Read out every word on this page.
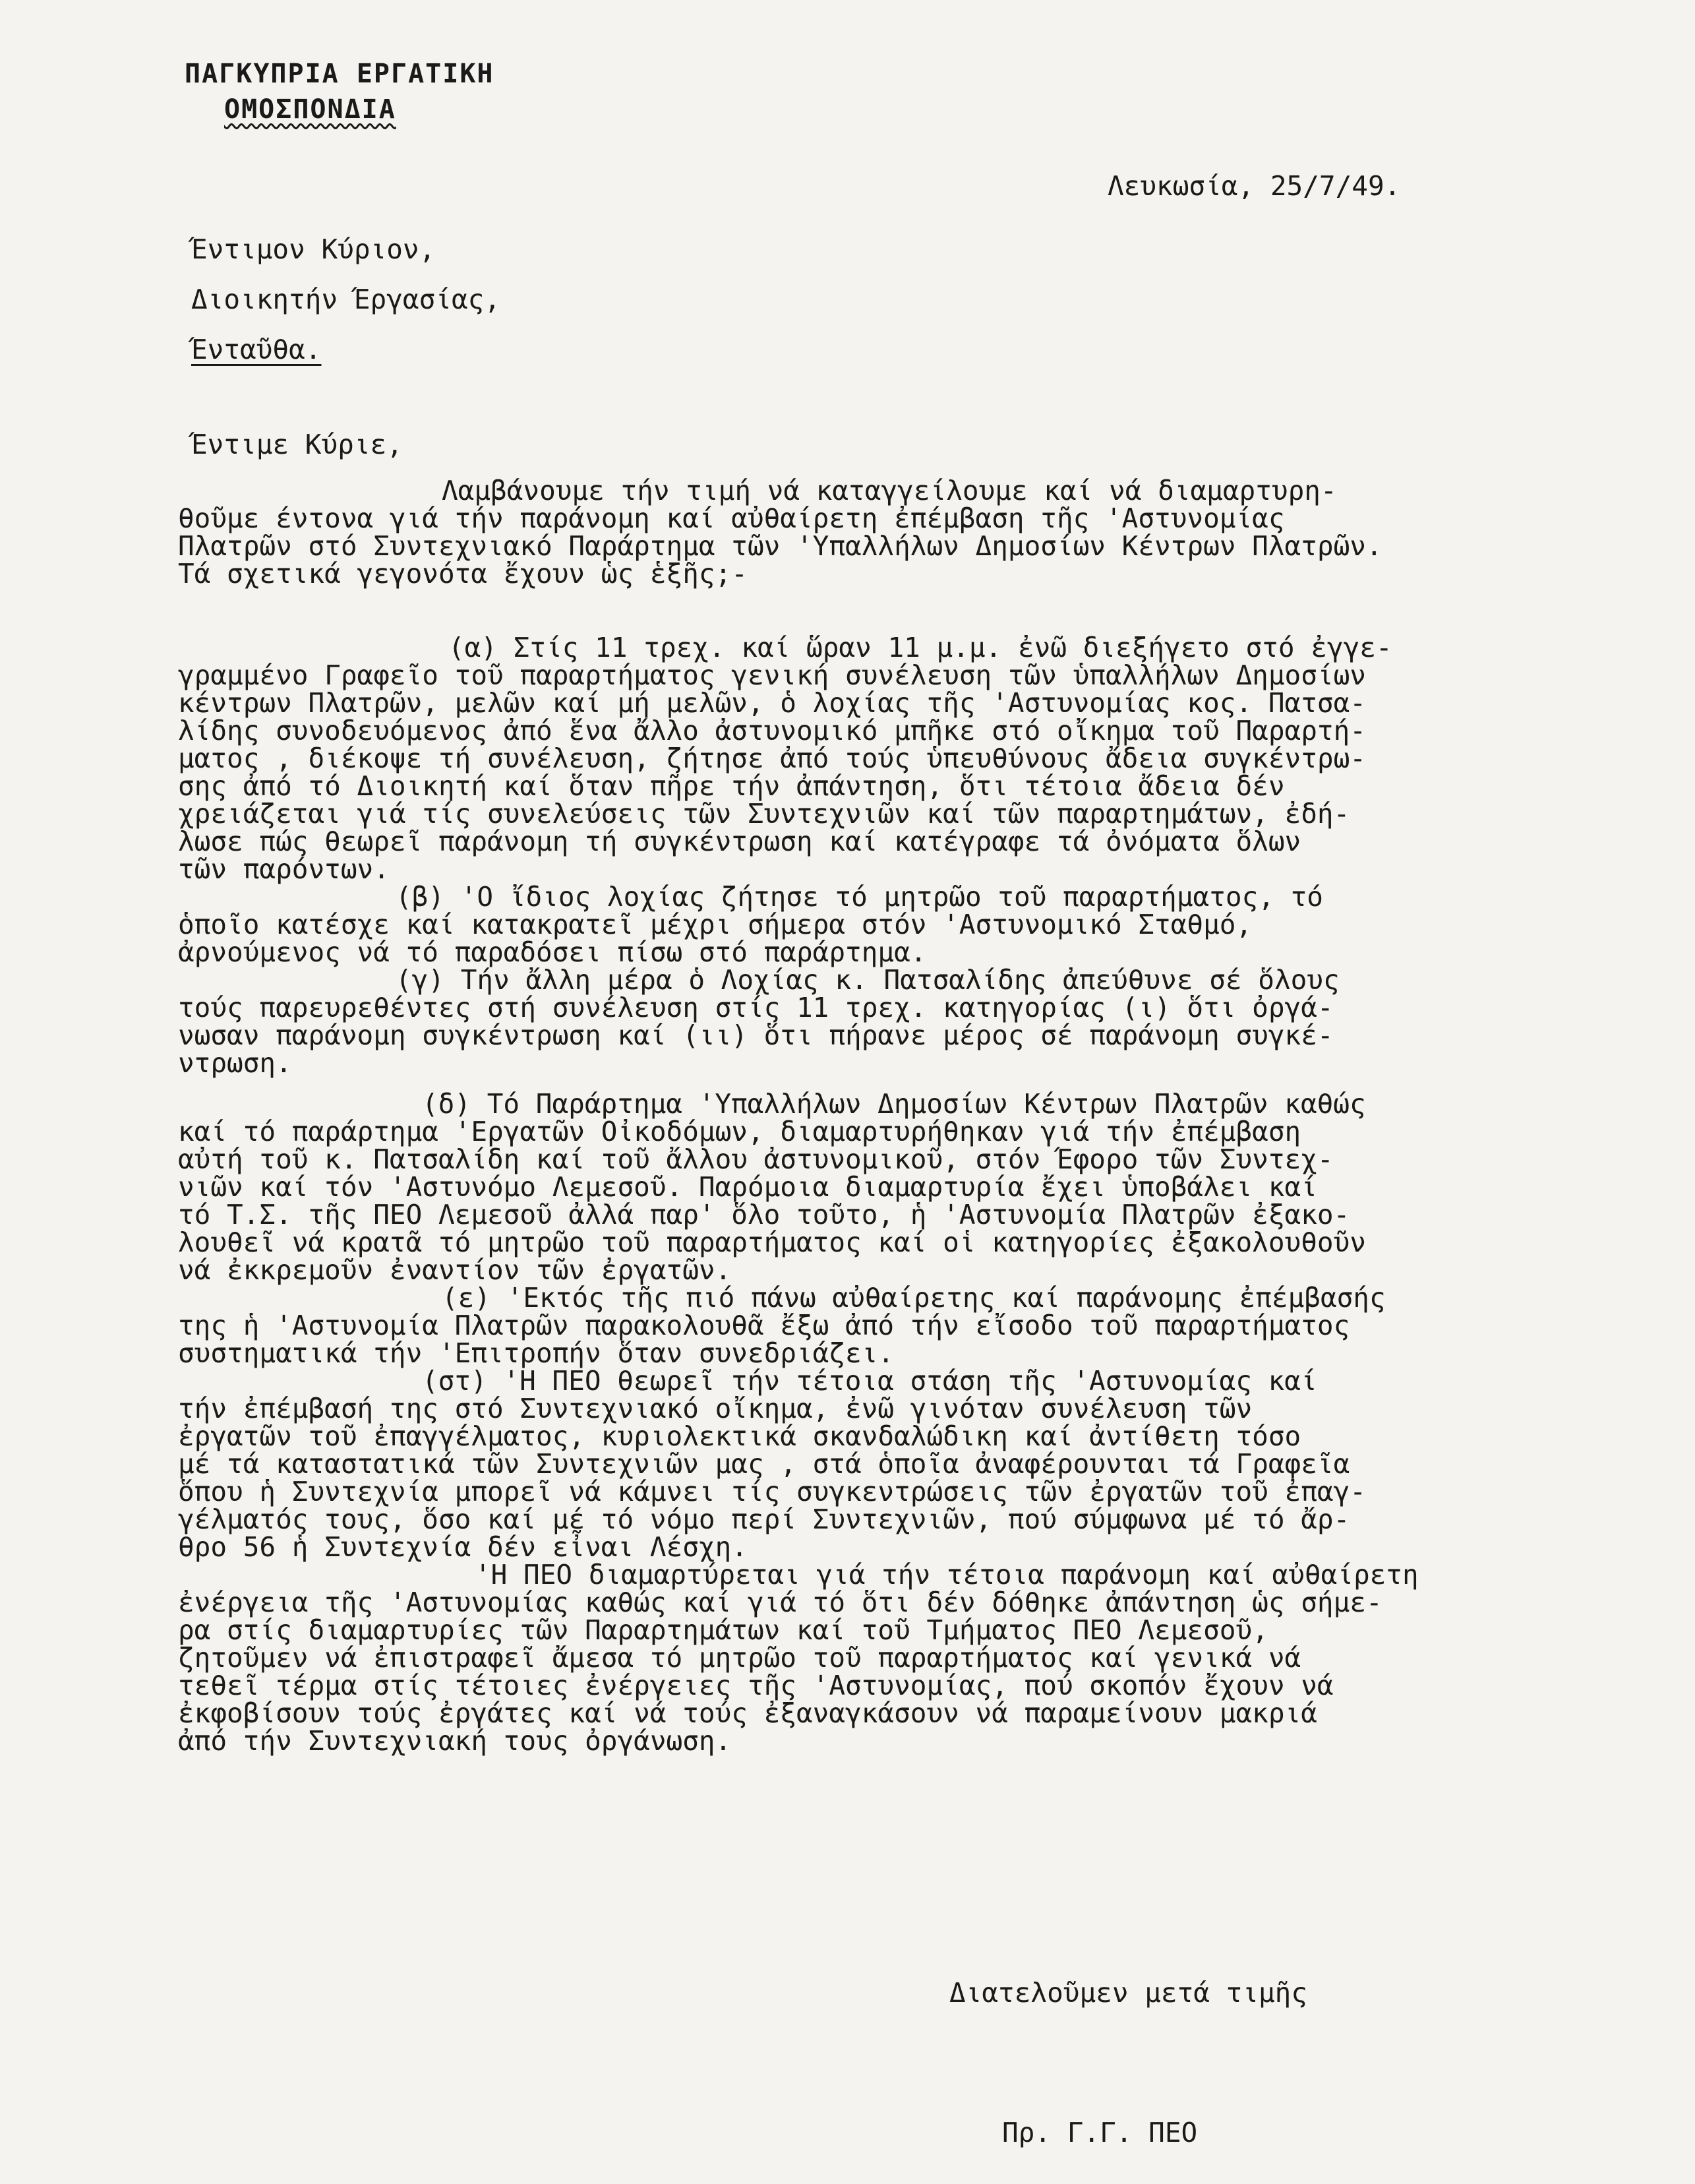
ΠΑΓΚΥΠΡΙΑ ΕΡΓΑΤΙΚΗ
ΟΜΟΣΠΟΝΔΙΑ
Λευκωσία, 25/7/49.
Έντιμον Κύριον,
Διοικητήν Έργασίας,
Ένταῦθα.
Έντιμε Κύριε,
Λαμβάνουμε τήν τιμή νά καταγγείλουμε καί νά διαμαρτυρη-
θοῦμε έντονα γιά τήν παράνομη καί αὐθαίρετη ἐπέμβαση τῆς 'Αστυνομίας
Πλατρῶν στό Συντεχνιακό Παράρτημα τῶν 'Υπαλλήλων Δημοσίων Κέντρων Πλατρῶν.
Τά σχετικά γεγονότα ἔχουν ὡς ἑξῆς;-
(α) Στίς 11 τρεχ. καί ὥραν 11 μ.μ. ἐνῶ διεξήγετο στό ἐγγε-
γραμμένο Γραφεῖο τοῦ παραρτήματος γενική συνέλευση τῶν ὑπαλλήλων Δημοσίων
κέντρων Πλατρῶν, μελῶν καί μή μελῶν, ὁ λοχίας τῆς 'Αστυνομίας κος. Πατσα-
λίδης συνοδευόμενος ἀπό ἕνα ἄλλο ἀστυνομικό μπῆκε στό οἴκημα τοῦ Παραρτή-
ματος , διέκοψε τή συνέλευση, ζήτησε ἀπό τούς ὑπευθύνους ἄδεια συγκέντρω-
σης ἀπό τό Διοικητή καί ὅταν πῆρε τήν ἀπάντηση, ὅτι τέτοια ἄδεια δέν
χρειάζεται γιά τίς συνελεύσεις τῶν Συντεχνιῶν καί τῶν παραρτημάτων, ἐδή-
λωσε πώς θεωρεῖ παράνομη τή συγκέντρωση καί κατέγραφε τά ὀνόματα ὅλων
τῶν παρόντων.
(β) 'Ο ἴδιος λοχίας ζήτησε τό μητρῶο τοῦ παραρτήματος, τό
ὁποῖο κατέσχε καί κατακρατεῖ μέχρι σήμερα στόν 'Αστυνομικό Σταθμό,
ἀρνούμενος νά τό παραδόσει πίσω στό παράρτημα.
(γ) Τήν ἄλλη μέρα ὁ Λοχίας κ. Πατσαλίδης ἀπεύθυνε σέ ὅλους
τούς παρευρεθέντες στή συνέλευση στίς 11 τρεχ. κατηγορίας (ι) ὅτι ὀργά-
νωσαν παράνομη συγκέντρωση καί (ιι) ὅτι πήρανε μέρος σέ παράνομη συγκέ-
ντρωση.
(δ) Τό Παράρτημα 'Υπαλλήλων Δημοσίων Κέντρων Πλατρῶν καθώς
καί τό παράρτημα 'Εργατῶν Οἰκοδόμων, διαμαρτυρήθηκαν γιά τήν ἐπέμβαση
αὐτή τοῦ κ. Πατσαλίδη καί τοῦ ἄλλου ἀστυνομικοῦ, στόν Έφορο τῶν Συντεχ-
νιῶν καί τόν 'Αστυνόμο Λεμεσοῦ. Παρόμοια διαμαρτυρία ἔχει ὑποβάλει καί
τό Τ.Σ. τῆς ΠΕΟ Λεμεσοῦ ἀλλά παρ' ὅλο τοῦτο, ἡ 'Αστυνομία Πλατρῶν ἐξακο-
λουθεῖ νά κρατᾶ τό μητρῶο τοῦ παραρτήματος καί οἱ κατηγορίες ἐξακολουθοῦν
νά ἐκκρεμοῦν ἐναντίον τῶν ἐργατῶν.
(ε) 'Εκτός τῆς πιό πάνω αὐθαίρετης καί παράνομης ἐπέμβασής
της ἡ 'Αστυνομία Πλατρῶν παρακολουθᾶ ἔξω ἀπό τήν εἴσοδο τοῦ παραρτήματος
συστηματικά τήν 'Επιτροπήν ὅταν συνεδριάζει.
(στ) 'Η ΠΕΟ θεωρεῖ τήν τέτοια στάση τῆς 'Αστυνομίας καί
τήν ἐπέμβασή της στό Συντεχνιακό οἴκημα, ἐνῶ γινόταν συνέλευση τῶν
ἐργατῶν τοῦ ἐπαγγέλματος, κυριολεκτικά σκανδαλώδικη καί ἀντίθετη τόσο
μέ τά καταστατικά τῶν Συντεχνιῶν μας , στά ὁποῖα ἀναφέρουνται τά Γραφεῖα
ὅπου ἡ Συντεχνία μπορεῖ νά κάμνει τίς συγκεντρώσεις τῶν ἐργατῶν τοῦ ἐπαγ-
γέλματός τους, ὅσο καί μέ τό νόμο περί Συντεχνιῶν, πού σύμφωνα μέ τό ἄρ-
θρο 56 ἡ Συντεχνία δέν εἶναι Λέσχη.
'Η ΠΕΟ διαμαρτύρεται γιά τήν τέτοια παράνομη καί αὐθαίρετη
ἐνέργεια τῆς 'Αστυνομίας καθώς καί γιά τό ὅτι δέν δόθηκε ἀπάντηση ὡς σήμε-
ρα στίς διαμαρτυρίες τῶν Παραρτημάτων καί τοῦ Τμήματος ΠΕΟ Λεμεσοῦ,
ζητοῦμεν νά ἐπιστραφεῖ ἄμεσα τό μητρῶο τοῦ παραρτήματος καί γενικά νά
τεθεῖ τέρμα στίς τέτοιες ἐνέργειες τῆς 'Αστυνομίας, πού σκοπόν ἔχουν νά
ἐκφοβίσουν τούς ἐργάτες καί νά τούς ἐξαναγκάσουν νά παραμείνουν μακριά
ἀπό τήν Συντεχνιακή τους ὀργάνωση.
Διατελοῦμεν μετά τιμῆς
Πρ. Γ.Γ. ΠΕΟ
